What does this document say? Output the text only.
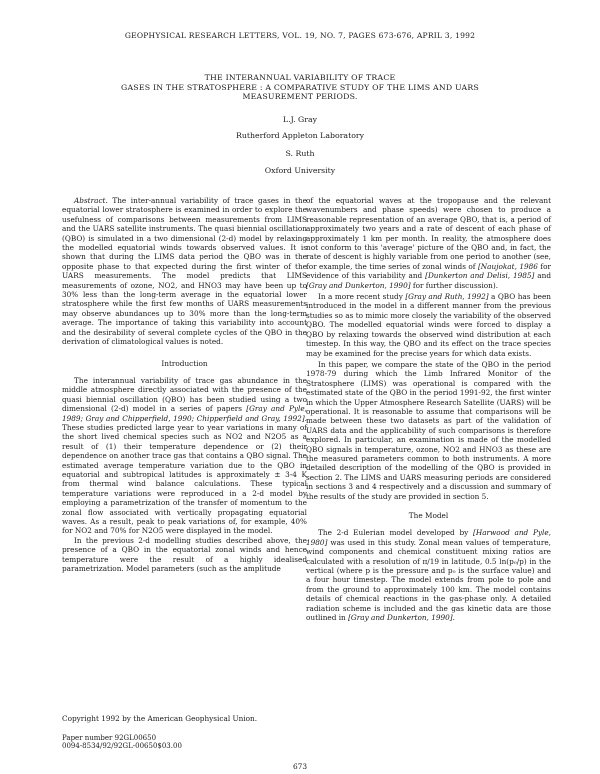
GEOPHYSICAL RESEARCH LETTERS, VOL. 19, NO. 7, PAGES 673-676, APRIL 3, 1992
THE INTERANNUAL VARIABILITY OF TRACE
GASES IN THE STRATOSPHERE : A COMPARATIVE STUDY OF THE LIMS AND UARS
MEASUREMENT PERIODS.
L.J. Gray
Rutherford Appleton Laboratory
S. Ruth
Oxford University

Abstract. The inter-annual variability of trace gases in the equatorial lower stratosphere is examined in order to explore the usefulness of comparisons between measurements from LIMS and the UARS satellite instruments. The quasi biennial oscillation (QBO) is simulated in a two dimensional (2-d) model by relaxing the modelled equatorial winds towards observed values. It is shown that during the LIMS data period the QBO was in the opposite phase to that expected during the first winter of the UARS measurements. The model predicts that LIMS measurements of ozone, NO2, and HNO3 may have been up to 30% less than the long-term average in the equatorial lower stratosphere while the first few months of UARS measurements may observe abundances up to 30% more than the long-term average. The importance of taking this variability into account and the desirability of several complete cycles of the QBO in the derivation of climatological values is noted.

Introduction

The interannual variability of trace gas abundance in the middle atmosphere directly associated with the presence of the quasi biennial oscillation (QBO) has been studied using a two dimensional (2-d) model in a series of papers [Gray and Pyle, 1989; Gray and Chipperfield, 1990; Chipperfield and Gray, 1992]. These studies predicted large year to year variations in many of the short lived chemical species such as NO2 and N2O5 as a result of (1) their temperature dependence or (2) their dependence on another trace gas that contains a QBO signal. The estimated average temperature variation due to the QBO in equatorial and subtropical latitudes is approximately ± 3-4 K from thermal wind balance calculations. These typical temperature variations were reproduced in a 2-d model by employing a parametrization of the transfer of momentum to the zonal flow associated with vertically propagating equatorial waves. As a result, peak to peak variations of, for example, 40% for NO2 and 70% for N2O5 were displayed in the model.

In the previous 2-d modelling studies described above, the presence of a QBO in the equatorial zonal winds and hence temperature were the result of a highly idealised parametrization. Model parameters (such as the amplitude

of the equatorial waves at the tropopause and the relevant wavenumbers and phase speeds) were chosen to produce a reasonable representation of an average QBO, that is, a period of approximately two years and a rate of descent of each phase of approximately 1 km per month. In reality, the atmosphere does not conform to this 'average' picture of the QBO and, in fact, the rate of descent is highly variable from one period to another (see, for example, the time series of zonal winds of [Naujokat, 1986 for evidence of this variability and [Dunkerton and Delisi, 1985] and [Gray and Dunkerton, 1990] for further discussion).

In a more recent study [Gray and Ruth, 1992] a QBO has been introduced in the model in a different manner from the previous studies so as to mimic more closely the variability of the observed QBO. The modelled equatorial winds were forced to display a QBO by relaxing towards the observed wind distribution at each timestep. In this way, the QBO and its effect on the trace species may be examined for the precise years for which data exists.

In this paper, we compare the state of the QBO in the period 1978-79 during which the Limb Infrared Monitor of the Stratosphere (LIMS) was operational is compared with the estimated state of the QBO in the period 1991-92, the first winter in which the Upper Atmosphere Research Satellite (UARS) will be operational. It is reasonable to assume that comparisons will be made between these two datasets as part of the validation of UARS data and the applicability of such comparisons is therefore explored. In particular, an examination is made of the modelled QBO signals in temperature, ozone, NO2 and HNO3 as these are the measured parameters common to both instruments. A more detailed description of the modelling of the QBO is provided in section 2. The LIMS and UARS measuring periods are considered in sections 3 and 4 respectively and a discussion and summary of the results of the study are provided in section 5.

The Model

The 2-d Eulerian model developed by [Harwood and Pyle, 1980] was used in this study. Zonal mean values of temperature, wind components and chemical constituent mixing ratios are calculated with a resolution of π/19 in latitude, 0.5 ln(p₀/p) in the vertical (where p is the pressure and p₀ is the surface value) and a four hour timestep. The model extends from pole to pole and from the ground to approximately 100 km. The model contains details of chemical reactions in the gas-phase only. A detailed radiation scheme is included and the gas kinetic data are those outlined in [Gray and Dunkerton, 1990].

Copyright 1992 by the American Geophysical Union.
Paper number 92GL00650
0094-8534/92/92GL-00650$03.00
673
